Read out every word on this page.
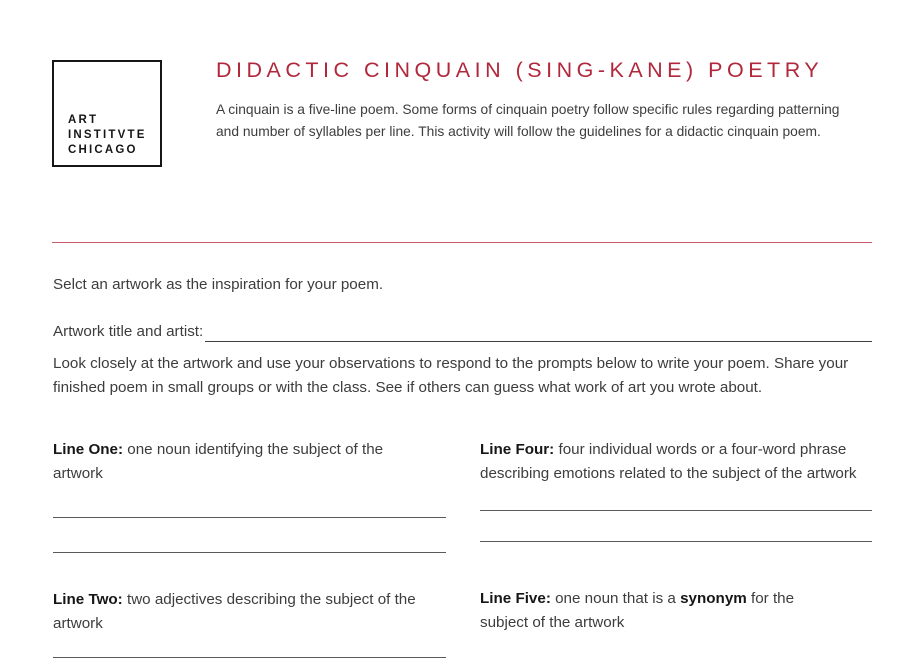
ART
INSTITVTE
CHICAGO
DIDACTIC CINQUAIN (SING-KANE) POETRY
A cinquain is a five-line poem. Some forms of cinquain poetry follow specific rules regarding patterning and number of syllables per line. This activity will follow the guidelines for a didactic cinquain poem.
Selct an artwork as the inspiration for your poem.
Artwork title and artist:
Look closely at the artwork and use your observations to respond to the prompts below to write your poem. Share your finished poem in small groups or with the class. See if others can guess what work of art you wrote about.
Line One: one noun identifying the subject of the artwork
Line Two: two adjectives describing the subject of the artwork
Line Four: four individual words or a four-word phrase describing emotions related to the subject of the artwork
Line Five: one noun that is a synonym for the subject of the artwork
